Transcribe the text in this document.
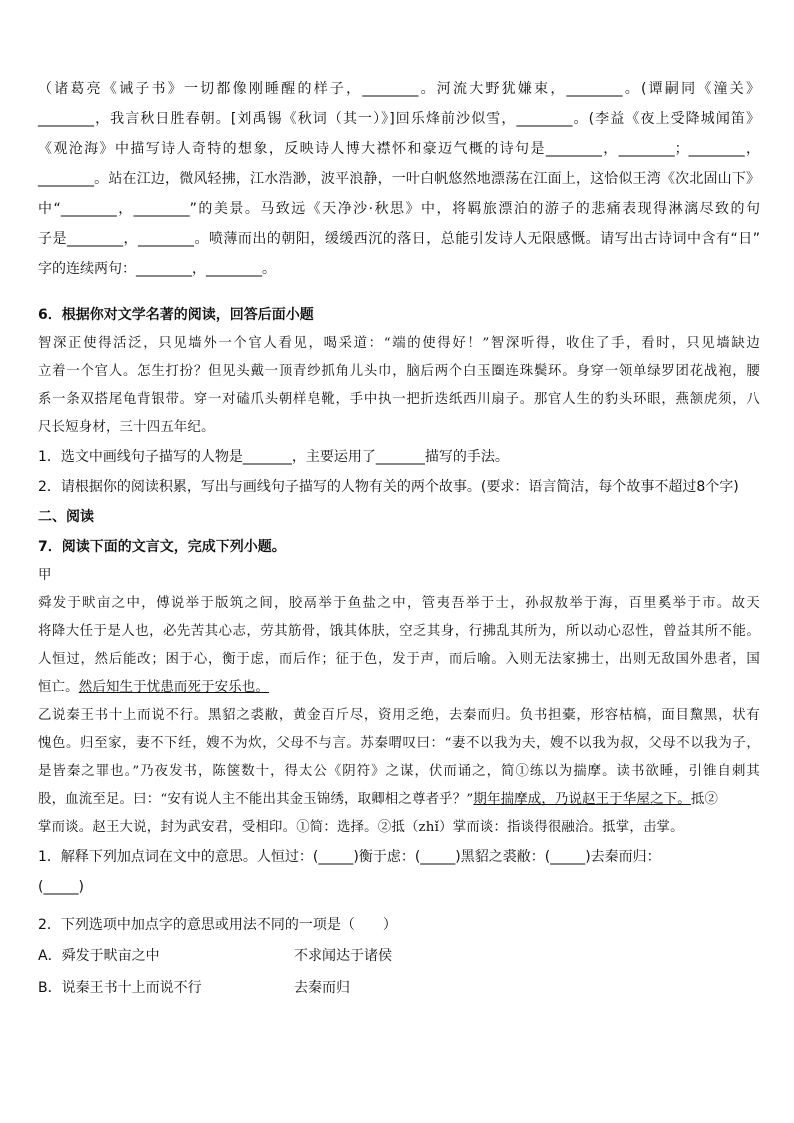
（诸葛亮《诫子书》一切都像刚睡醒的样子，________。河流大野犹嫌束，________。(谭嗣同《潼关》

________，我言秋日胜春朝。[刘禹锡《秋词（其一）》]回乐烽前沙似雪，________。(李益《夜上受降城闻笛》

《观沧海》中描写诗人奇特的想象，反映诗人博大襟怀和豪迈气概的诗句是________，________；________，

________。站在江边，微风轻拂，江水浩渺，波平浪静，一叶白帆悠然地漂荡在江面上，这恰似王湾《次北固山下》

中“________，________”的美景。马致远《天净沙·秋思》中，将羁旅漂泊的游子的悲痛表现得淋漓尽致的句

子是________，________。喷薄而出的朝阳，缓缓西沉的落日，总能引发诗人无限感慨。请写出古诗词中含有“日”

字的连续两句：________，________。

6．根据你对文学名著的阅读，回答后面小题

智深正使得活泛，只见墙外一个官人看见，喝采道：“端的使得好！”智深听得，收住了手，看时，只见墙缺边

立着一个官人。怎生打扮？但见头戴一顶青纱抓角儿头巾，脑后两个白玉圈连珠鬓环。身穿一领单绿罗团花战袍，腰

系一条双搭尾龟背银带。穿一对磕爪头朝样皂靴，手中执一把折迭纸西川扇子。那官人生的豹头环眼，燕颔虎须，八

尺长短身材，三十四五年纪。

1．选文中画线句子描写的人物是_______，主要运用了_______描写的手法。

2．请根据你的阅读积累，写出与画线句子描写的人物有关的两个故事。(要求：语言简洁，每个故事不超过8个字)

二、阅读

7．阅读下面的文言文，完成下列小题。

甲

舜发于畎亩之中，傅说举于版筑之间，胶鬲举于鱼盐之中，管夷吾举于士，孙叔敖举于海，百里奚举于市。故天

将降大任于是人也，必先苦其心志，劳其筋骨，饿其体肤，空乏其身，行拂乱其所为，所以动心忍性，曾益其所不能。

人恒过，然后能改；困于心，衡于虑，而后作；征于色，发于声，而后喻。入则无法家拂士，出则无敌国外患者，国

恒亡。然后知生于忧患而死于安乐也。

乙说秦王书十上而说不行。黑貂之裘敝，黄金百斤尽，资用乏绝，去秦而归。负书担橐，形容枯槁，面目黧黑，状有

愧色。归至家，妻不下纴，嫂不为炊，父母不与言。苏秦喟叹曰：“妻不以我为夫，嫂不以我为叔，父母不以我为子，

是皆秦之罪也。”乃夜发书，陈箧数十，得太公《阴符》之谋，伏而诵之，简①练以为揣摩。读书欲睡，引锥自刺其

股，血流至足。曰：“安有说人主不能出其金玉锦绣，取卿相之尊者乎？”期年揣摩成，乃说赵王于华屋之下。抵②

掌而谈。赵王大说，封为武安君，受相印。①简：选择。②抵（zhǐ）掌而谈：指谈得很融洽。抵掌，击掌。

1．解释下列加点词在文中的意思。人恒过：(_____)衡于虑：(_____)黑貂之裘敝：(_____)去秦而归：

(_____)

2．下列选项中加点字的意思或用法不同的一项是（　　）

A．舜发于畎亩之中	不求闻达于诸侯
B．说秦王书十上而说不行	去秦而归
